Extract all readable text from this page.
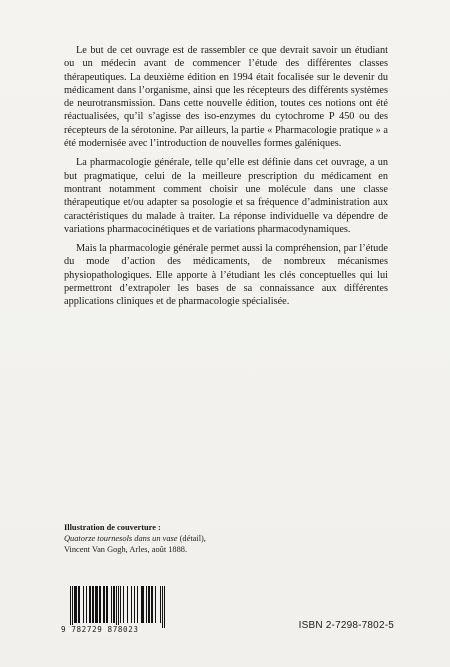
Le but de cet ouvrage est de rassembler ce que devrait savoir un étudiant ou un médecin avant de commencer l’étude des différentes classes thérapeutiques. La deuxième édition en 1994 était focalisée sur le devenir du médicament dans l’organisme, ainsi que les récepteurs des différents systèmes de neurotransmission. Dans cette nouvelle édition, toutes ces notions ont été réactualisées, qu’il s’agisse des iso-enzymes du cytochrome P 450 ou des récepteurs de la sérotonine. Par ailleurs, la partie « Pharmacologie pratique » a été modernisée avec l’introduction de nouvelles formes galéniques.

La pharmacologie générale, telle qu’elle est définie dans cet ouvrage, a un but pragmatique, celui de la meilleure prescription du médicament en montrant notamment comment choisir une molécule dans une classe thérapeutique et/ou adapter sa posologie et sa fréquence d’administration aux caractéristiques du malade à traiter. La réponse individuelle va dépendre de variations pharmacocinétiques et de variations pharmacodynamiques.

Mais la pharmacologie générale permet aussi la compréhension, par l’étude du mode d’action des médicaments, de nombreux mécanismes physiopathologiques. Elle apporte à l’étudiant les clés conceptuelles qui lui permettront d’extrapoler les bases de sa connaissance aux différentes applications cliniques et de pharmacologie spécialisée.

Illustration de couverture :
Quatorze tournesols dans un vase (détail),
Vincent Van Gogh, Arles, août 1888.
9 782729 878023	ISBN 2-7298-7802-5
